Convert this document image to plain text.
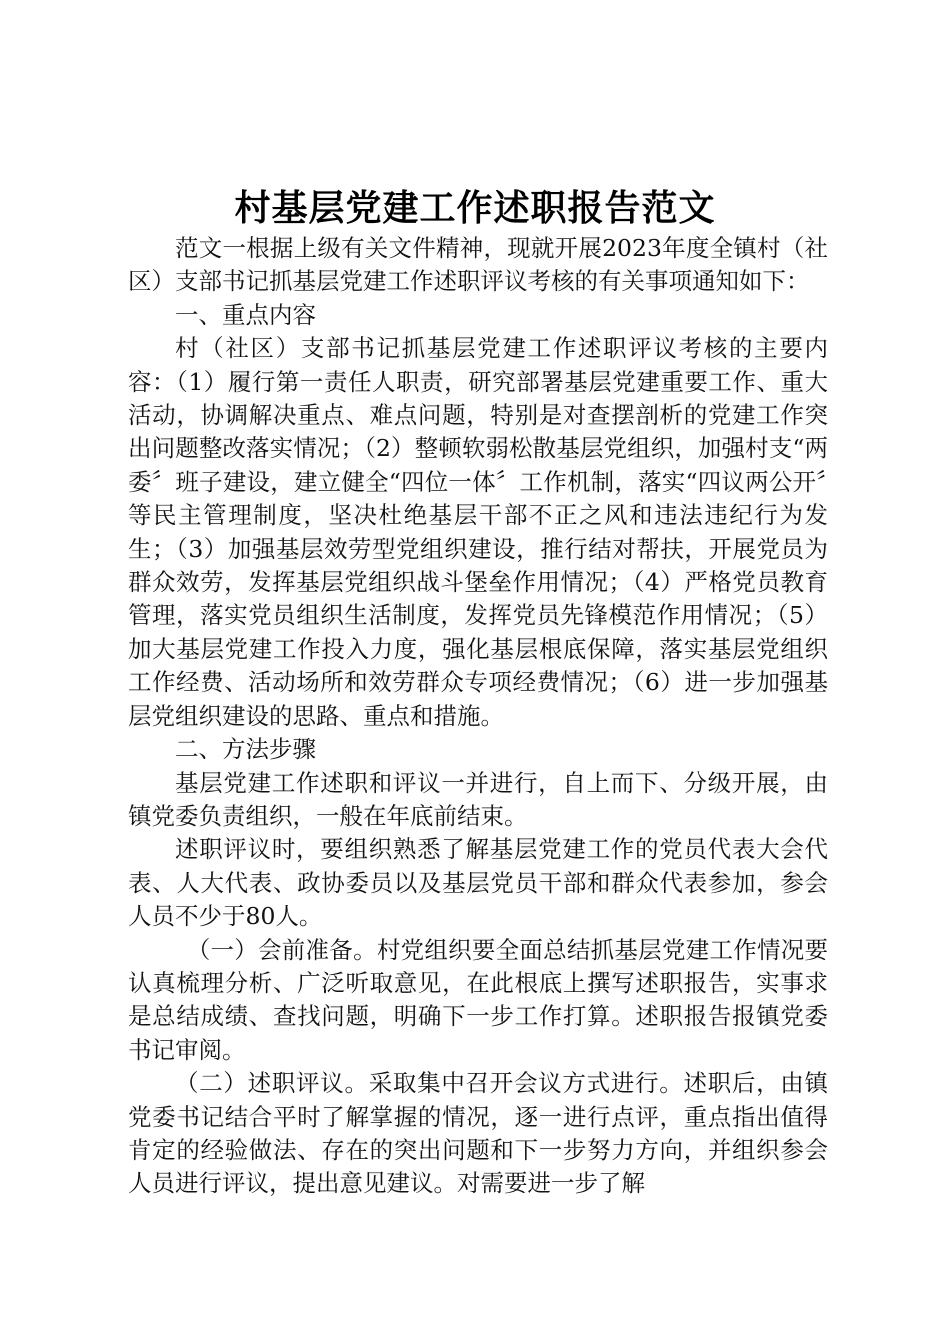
村基层党建工作述职报告范文

范文一根据上级有关文件精神，现就开展2023年度全镇村（社区）支部书记抓基层党建工作述职评议考核的有关事项通知如下：

一、重点内容

村（社区）支部书记抓基层党建工作述职评议考核的主要内容：（1）履行第一责任人职责，研究部署基层党建重要工作、重大活动，协调解决重点、难点问题，特别是对查摆剖析的党建工作突出问题整改落实情况；（2）整顿软弱松散基层党组织，加强村支“两委〞班子建设，建立健全“四位一体〞工作机制，落实“四议两公开〞等民主管理制度，坚决杜绝基层干部不正之风和违法违纪行为发生；（3）加强基层效劳型党组织建设，推行结对帮扶，开展党员为群众效劳，发挥基层党组织战斗堡垒作用情况；（4）严格党员教育管理，落实党员组织生活制度，发挥党员先锋模范作用情况；（5）加大基层党建工作投入力度，强化基层根底保障，落实基层党组织工作经费、活动场所和效劳群众专项经费情况；（6）进一步加强基层党组织建设的思路、重点和措施。

二、方法步骤

基层党建工作述职和评议一并进行，自上而下、分级开展，由镇党委负责组织，一般在年底前结束。

述职评议时，要组织熟悉了解基层党建工作的党员代表大会代表、人大代表、政协委员以及基层党员干部和群众代表参加，参会人员不少于80人。

（一）会前准备。村党组织要全面总结抓基层党建工作情况要认真梳理分析、广泛听取意见，在此根底上撰写述职报告，实事求是总结成绩、查找问题，明确下一步工作打算。述职报告报镇党委书记审阅。

（二）述职评议。采取集中召开会议方式进行。述职后，由镇党委书记结合平时了解掌握的情况，逐一进行点评，重点指出值得肯定的经验做法、存在的突出问题和下一步努力方向，并组织参会人员进行评议，提出意见建议。对需要进一步了解
